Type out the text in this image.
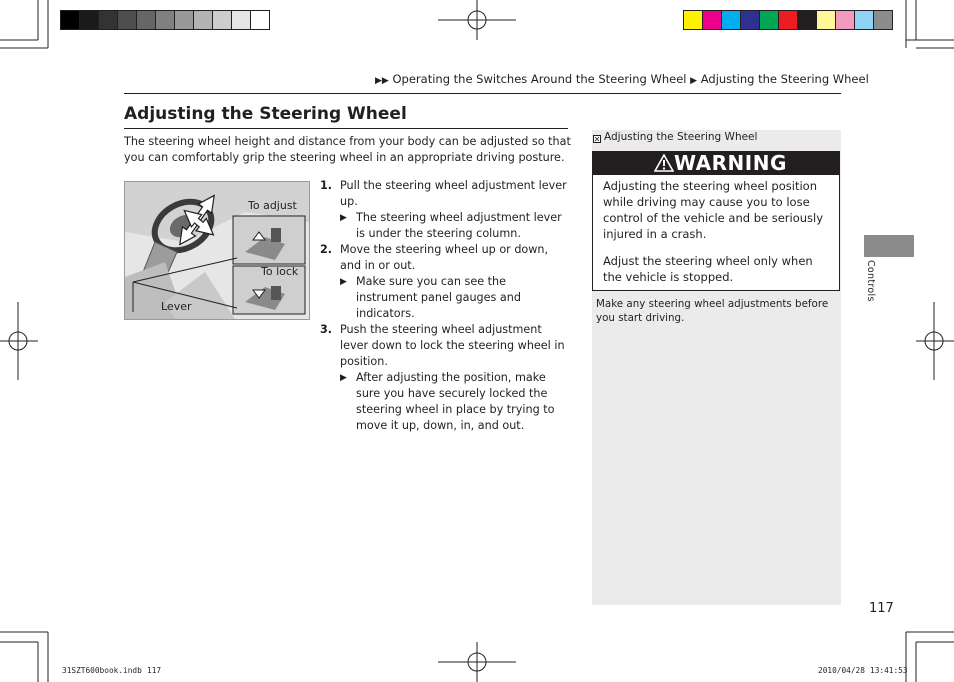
▶▶ Operating the Switches Around the Steering Wheel ▶ Adjusting the Steering Wheel
Adjusting the Steering Wheel
The steering wheel height and distance from your body can be adjusted so that you can comfortably grip the steering wheel in an appropriate driving posture.
To adjust
To lock
Lever
1. Pull the steering wheel adjustment lever up.
▶ The steering wheel adjustment lever is under the steering column.
2. Move the steering wheel up or down, and in or out.
▶ Make sure you can see the instrument panel gauges and indicators.
3. Push the steering wheel adjustment lever down to lock the steering wheel in position.
▶ After adjusting the position, make sure you have securely locked the steering wheel in place by trying to move it up, down, in, and out.
Adjusting the Steering Wheel
WARNING

Adjusting the steering wheel position while driving may cause you to lose control of the vehicle and be seriously injured in a crash.

Adjust the steering wheel only when the vehicle is stopped.

Make any steering wheel adjustments before you start driving.
Controls
117
31SZT600book.indb 117	2010/04/28 13:41:53
